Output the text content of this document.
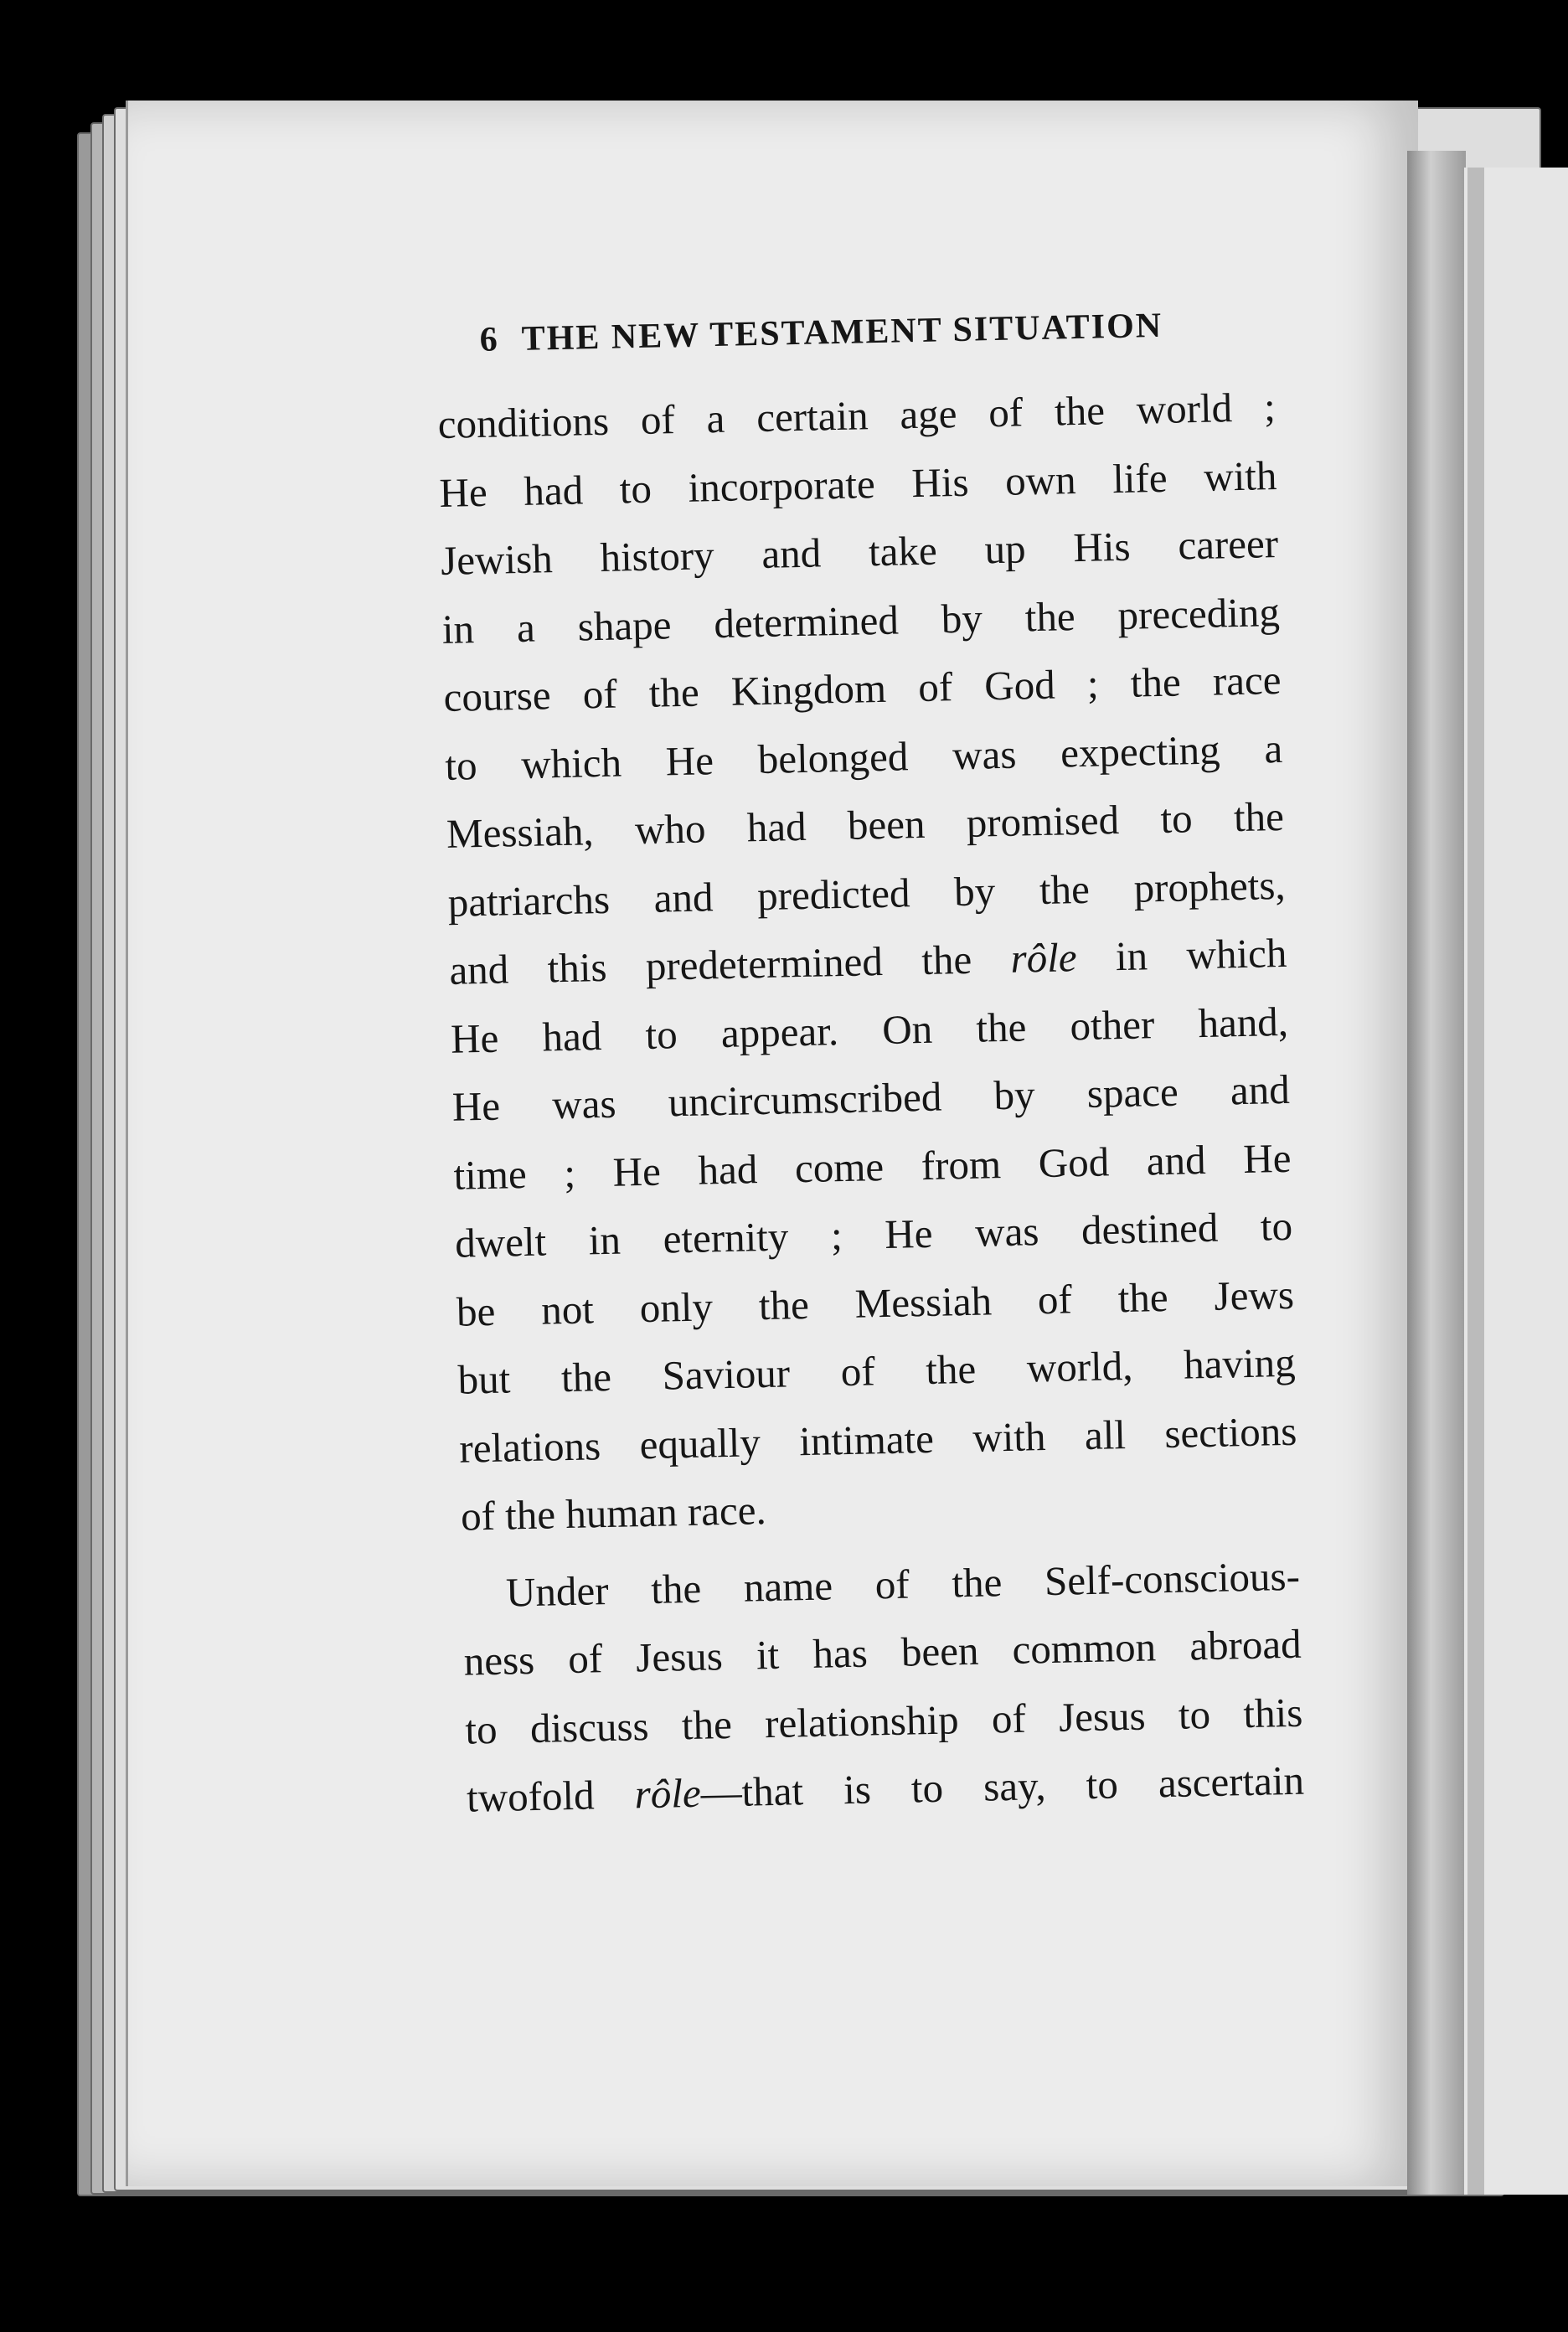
6 THE NEW TESTAMENT SITUATION
conditions of a certain age of the world ;
He had to incorporate His own life with
Jewish history and take up His career
in a shape determined by the preceding
course of the Kingdom of God ; the race
to which He belonged was expecting a
Messiah, who had been promised to the
patriarchs and predicted by the prophets,
and this predetermined the rôle in which
He had to appear. On the other hand,
He was uncircumscribed by space and
time ; He had come from God and He
dwelt in eternity ; He was destined to
be not only the Messiah of the Jews
but the Saviour of the world, having
relations equally intimate with all sections
of the human race.
Under the name of the Self-conscious-
ness of Jesus it has been common abroad
to discuss the relationship of Jesus to this
twofold rôle—that is to say, to ascertain
